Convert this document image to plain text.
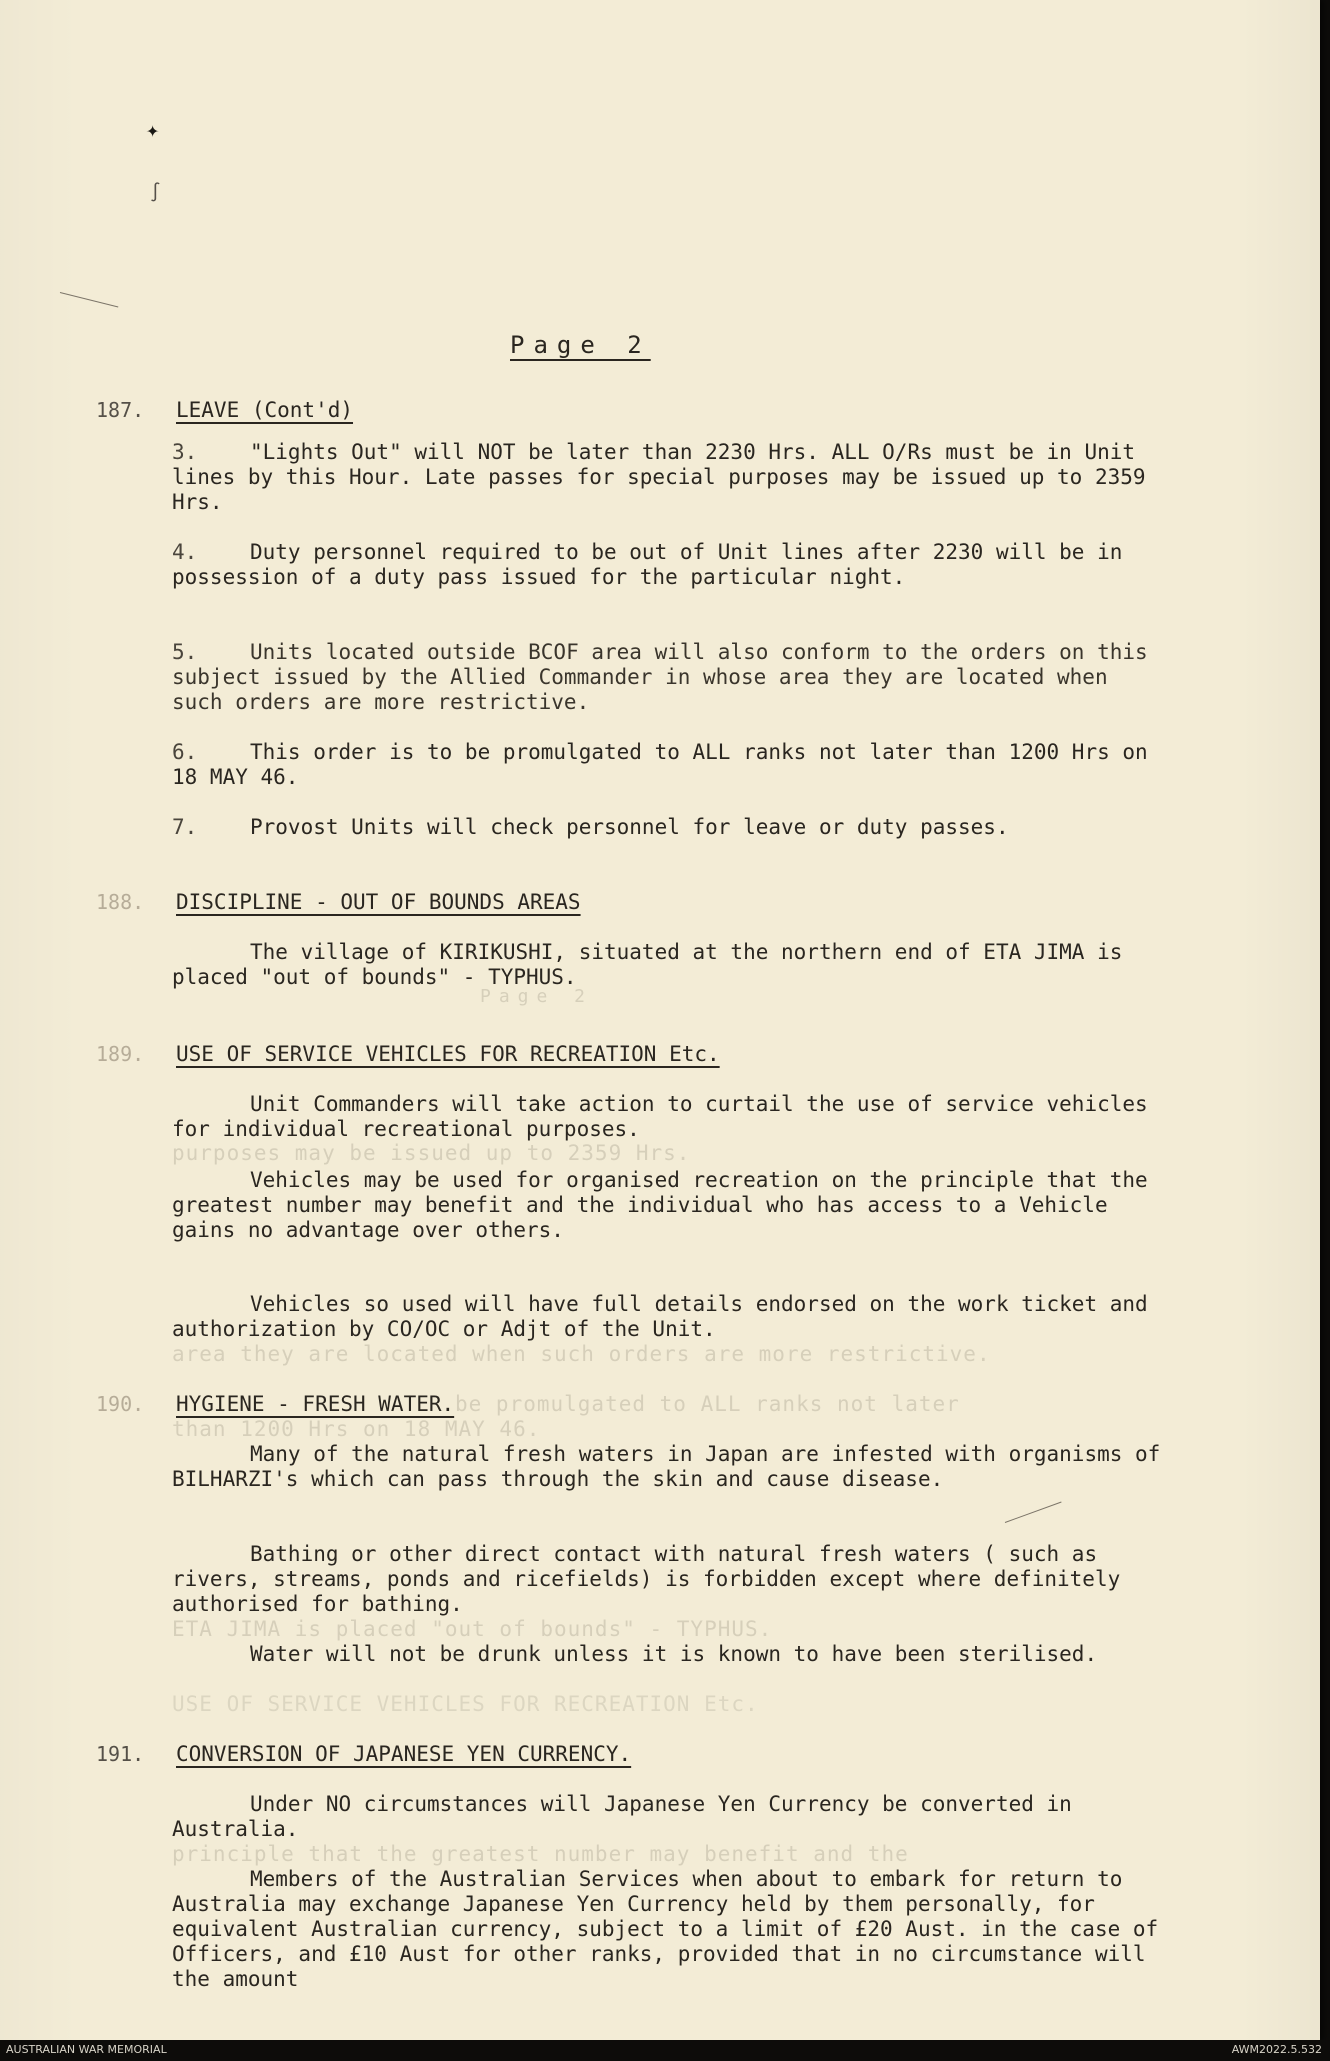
✦
∫
Page 2
187. LEAVE (Cont'd)

3.	"Lights Out" will NOT be later than 2230 Hrs. ALL O/Rs must be in Unit lines by this Hour. Late passes for special purposes may be issued up to 2359 Hrs.

4.	Duty personnel required to be out of Unit lines after 2230 will be in possession of a duty pass issued for the particular night.

5.	Units located outside BCOF area will also conform to the orders on this subject issued by the Allied Commander in whose area they are located when such orders are more restrictive.

6.	This order is to be promulgated to ALL ranks not later than 1200 Hrs on 18 MAY 46.

7.	Provost Units will check personnel for leave or duty passes.

188. DISCIPLINE - OUT OF BOUNDS AREAS

The village of KIRIKUSHI, situated at the northern end of ETA JIMA is placed "out of bounds" - TYPHUS.

Page 2
189. USE OF SERVICE VEHICLES FOR RECREATION Etc.

Unit Commanders will take action to curtail the use of service vehicles for individual recreational purposes.

purposes may be issued up to 2359 Hrs.

Vehicles may be used for organised recreation on the principle that the greatest number may benefit and the individual who has access to a Vehicle gains no advantage over others.

Vehicles so used will have full details endorsed on the work ticket and authorization by CO/OC or Adjt of the Unit.

area they are located when such orders are more restrictive.
190. HYGIENE - FRESH WATER. be promulgated to ALL ranks not later
than 1200 Hrs on 18 MAY 46.

Many of the natural fresh waters in Japan are infested with organisms of BILHARZI's which can pass through the skin and cause disease.

Bathing or other direct contact with natural fresh waters ( such as rivers, streams, ponds and ricefields) is forbidden except where definitely authorised for bathing.

ETA JIMA is placed "out of bounds" - TYPHUS.

Water will not be drunk unless it is known to have been sterilised.

USE OF SERVICE VEHICLES FOR RECREATION Etc.
191. CONVERSION OF JAPANESE YEN CURRENCY.

Under NO circumstances will Japanese Yen Currency be converted in Australia.

principle that the greatest number may benefit and the

Members of the Australian Services when about to embark for return to Australia may exchange Japanese Yen Currency held by them personally, for equivalent Australian currency, subject to a limit of £20 Aust. in the case of Officers, and £10 Aust for other ranks, provided that in no circumstance will the amount

AUSTRALIAN WAR MEMORIAL	AWM2022.5.532
